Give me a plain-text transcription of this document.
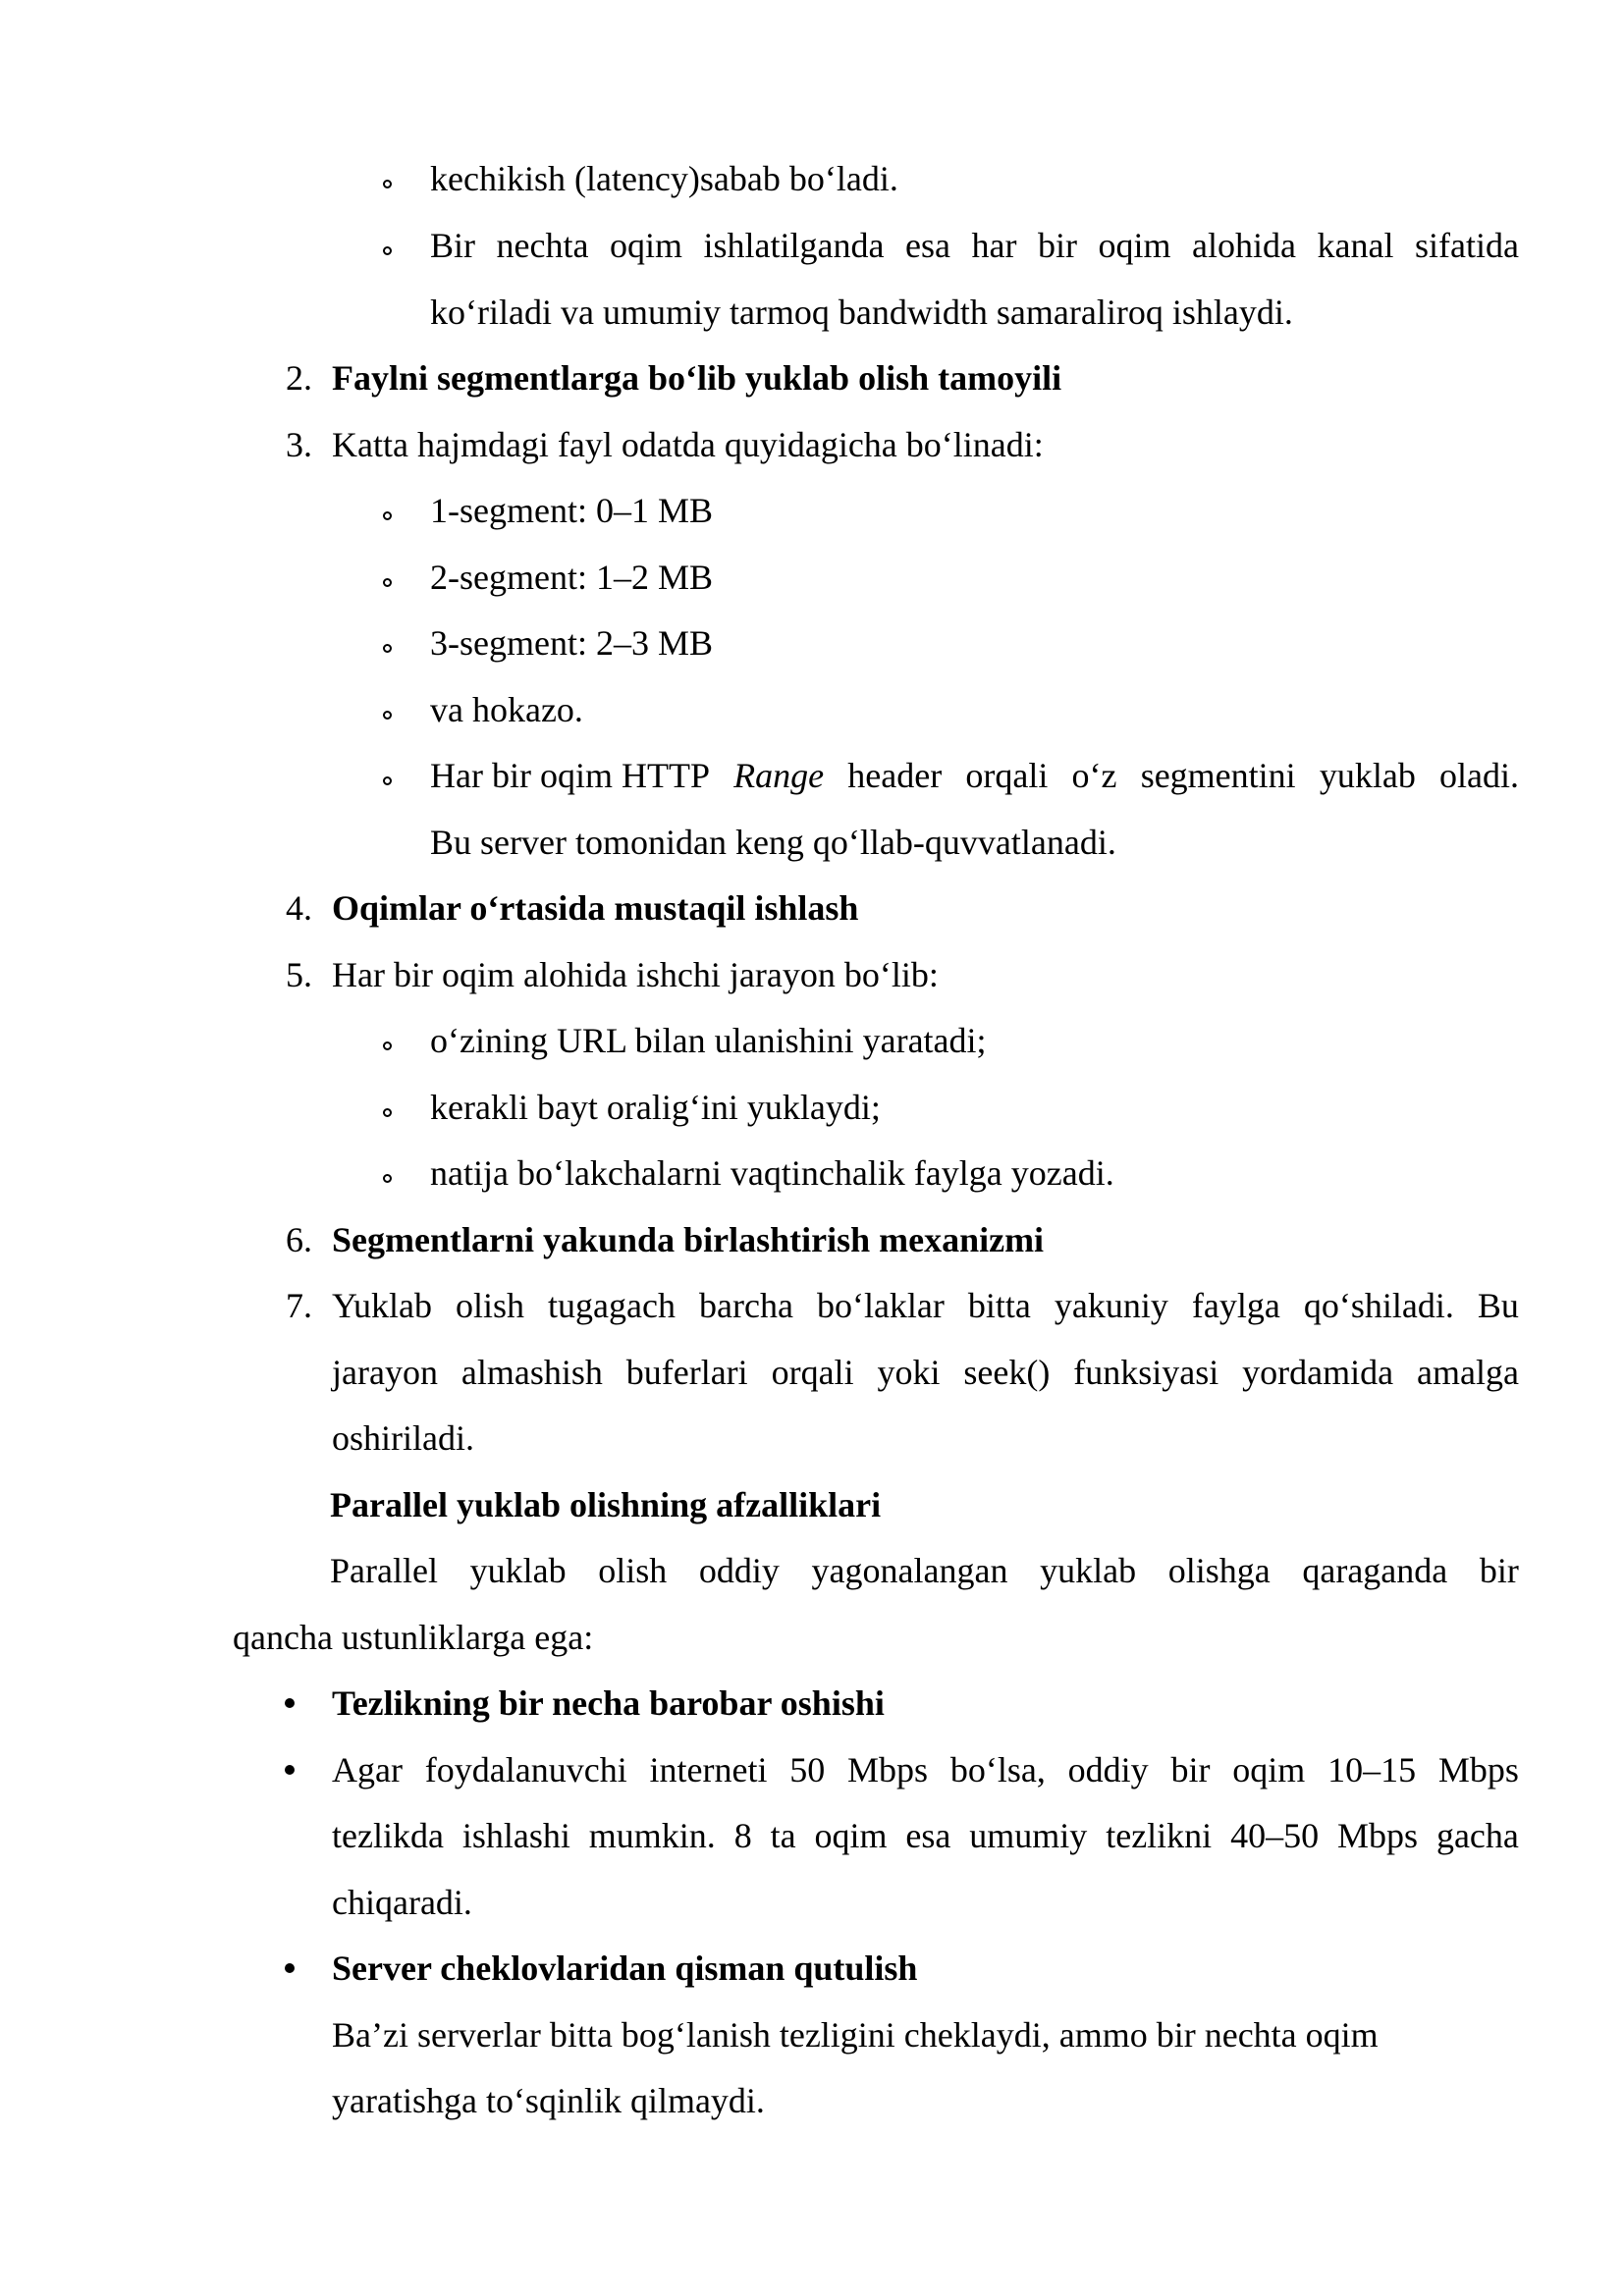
kechikish (latency)sabab bo‘ladi.
Bir nechta oqim ishlatilganda esa har bir oqim alohida kanal sifatida
ko‘riladi va umumiy tarmoq bandwidth samaraliroq ishlaydi.
2. Faylni segmentlarga bo‘lib yuklab olish tamoyili
3. Katta hajmdagi fayl odatda quyidagicha bo‘linadi:
1-segment: 0–1 MB
2-segment: 1–2 MB
3-segment: 2–3 MB
va hokazo.
Har bir oqim HTTP Range header orqali o‘z segmentini yuklab oladi.
Bu server tomonidan keng qo‘llab-quvvatlanadi.
4. Oqimlar o‘rtasida mustaqil ishlash
5. Har bir oqim alohida ishchi jarayon bo‘lib:
o‘zining URL bilan ulanishini yaratadi;
kerakli bayt oralig‘ini yuklaydi;
natija bo‘lakchalarni vaqtinchalik faylga yozadi.
6. Segmentlarni yakunda birlashtirish mexanizmi
7. Yuklab olish tugagach barcha bo‘laklar bitta yakuniy faylga qo‘shiladi. Bu
jarayon almashish buferlari orqali yoki seek() funksiyasi yordamida amalga
oshiriladi.
Parallel yuklab olishning afzalliklari
Parallel yuklab olish oddiy yagonalangan yuklab olishga qaraganda bir
qancha ustunliklarga ega:
Tezlikning bir necha barobar oshishi
Agar foydalanuvchi interneti 50 Mbps bo‘lsa, oddiy bir oqim 10–15 Mbps
tezlikda ishlashi mumkin. 8 ta oqim esa umumiy tezlikni 40–50 Mbps gacha
chiqaradi.
Server cheklovlaridan qisman qutulish
Ba’zi serverlar bitta bog‘lanish tezligini cheklaydi, ammo bir nechta oqim
yaratishga to‘sqinlik qilmaydi.
